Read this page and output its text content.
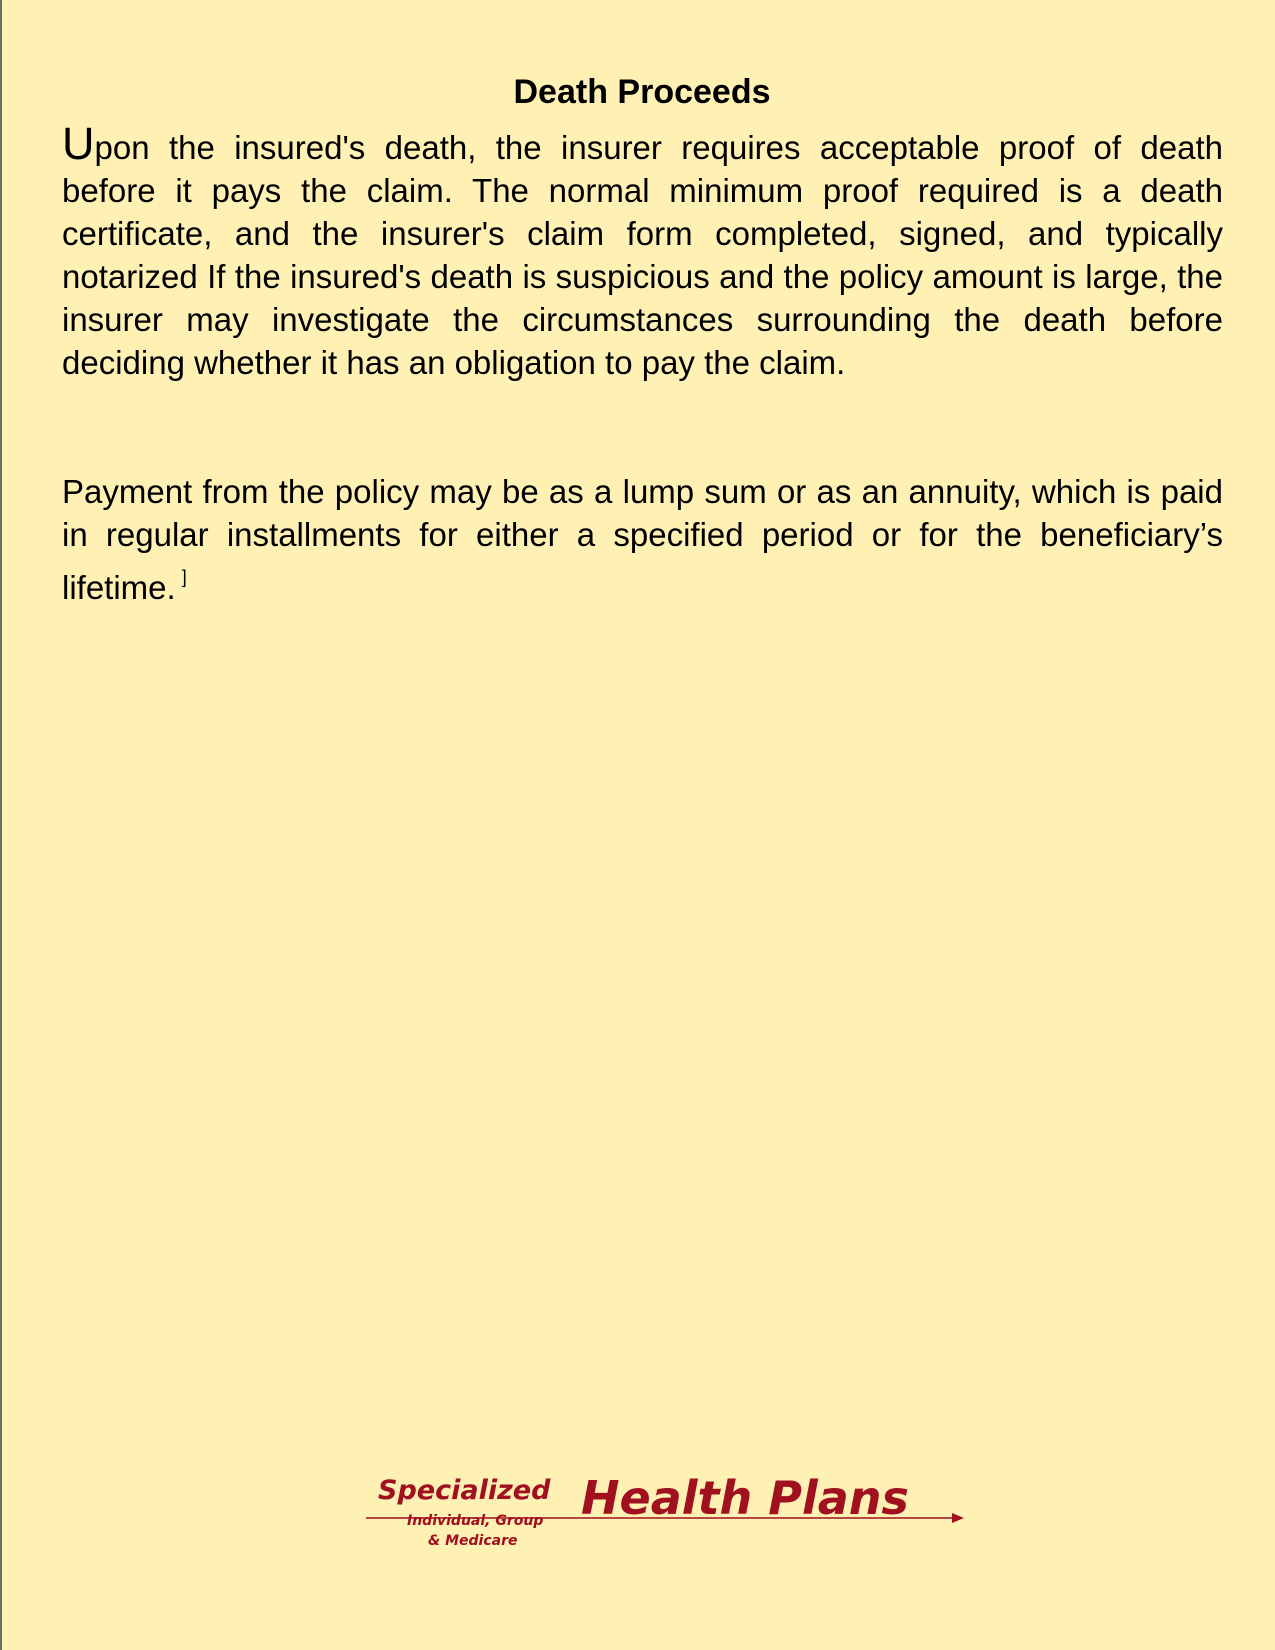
Death Proceeds

Upon the insured's death, the insurer requires acceptable proof of death before it pays the claim. The normal minimum proof required is a death certificate, and the insurer's claim form completed, signed, and typically notarized If the insured's death is suspicious and the policy amount is large, the insurer may investigate the circumstances surrounding the death before deciding whether it has an obligation to pay the claim.

Payment from the policy may be as a lump sum or as an annuity, which is paid in regular installments for either a specified period or for the beneficiary’s lifetime. ]

Specialized
Individual, Group
& Medicare
Health Plans
